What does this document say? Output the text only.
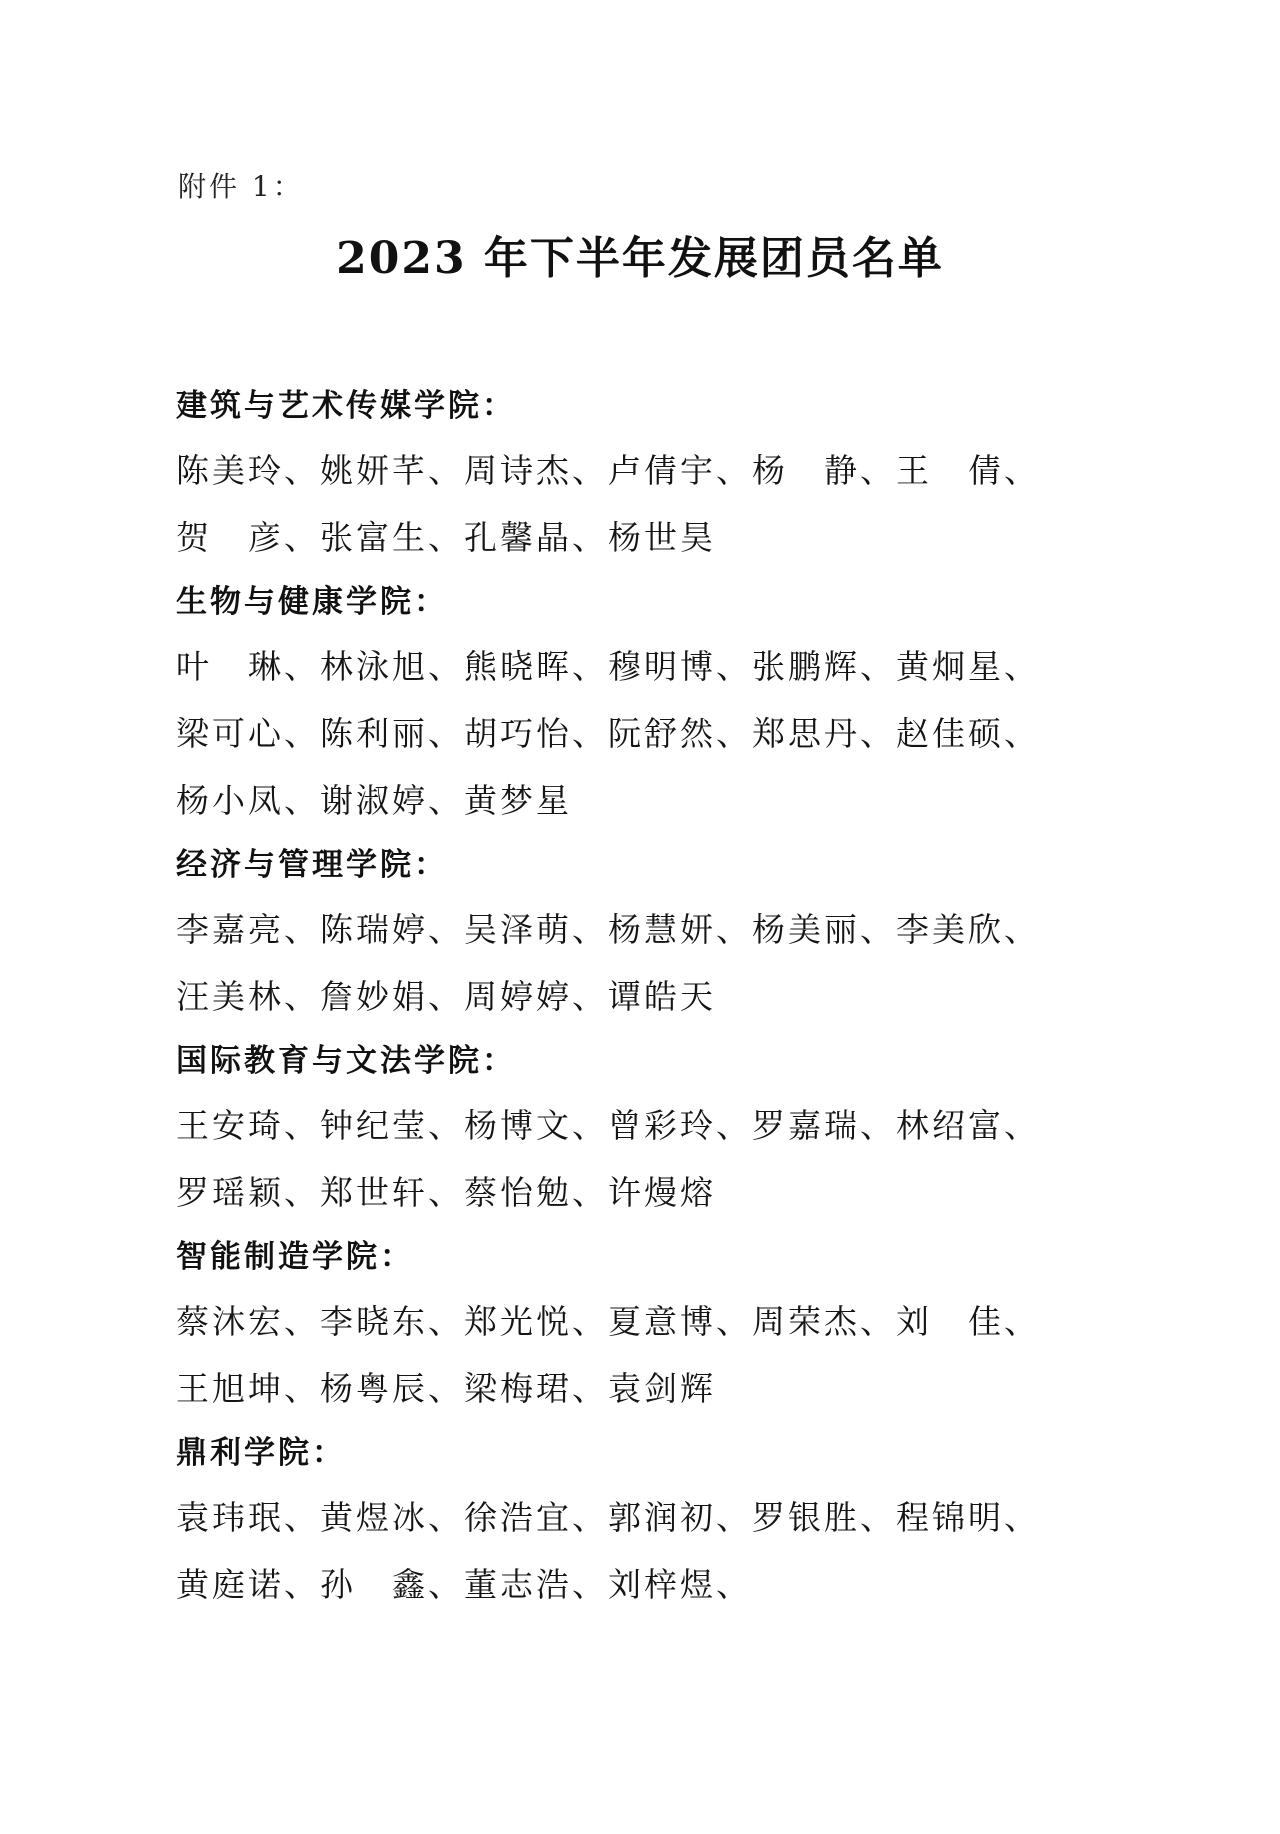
附件 1：
2023 年下半年发展团员名单
建筑与艺术传媒学院：
陈美玲、姚妍芊、周诗杰、卢倩宇、杨　静、王　倩、
贺　彦、张富生、孔馨晶、杨世昊
生物与健康学院：
叶　琳、林泳旭、熊晓晖、穆明博、张鹏辉、黄炯星、
梁可心、陈利丽、胡巧怡、阮舒然、郑思丹、赵佳硕、
杨小凤、谢淑婷、黄梦星
经济与管理学院：
李嘉亮、陈瑞婷、吴泽萌、杨慧妍、杨美丽、李美欣、
汪美林、詹妙娟、周婷婷、谭皓天
国际教育与文法学院：
王安琦、钟纪莹、杨博文、曾彩玲、罗嘉瑞、林绍富、
罗瑶颖、郑世轩、蔡怡勉、许熳熔
智能制造学院：
蔡沐宏、李晓东、郑光悦、夏意博、周荣杰、刘　佳、
王旭坤、杨粤辰、梁梅珺、袁剑辉
鼎利学院：
袁玮珉、黄煜冰、徐浩宜、郭润初、罗银胜、程锦明、
黄庭诺、孙　鑫、董志浩、刘梓煜、
